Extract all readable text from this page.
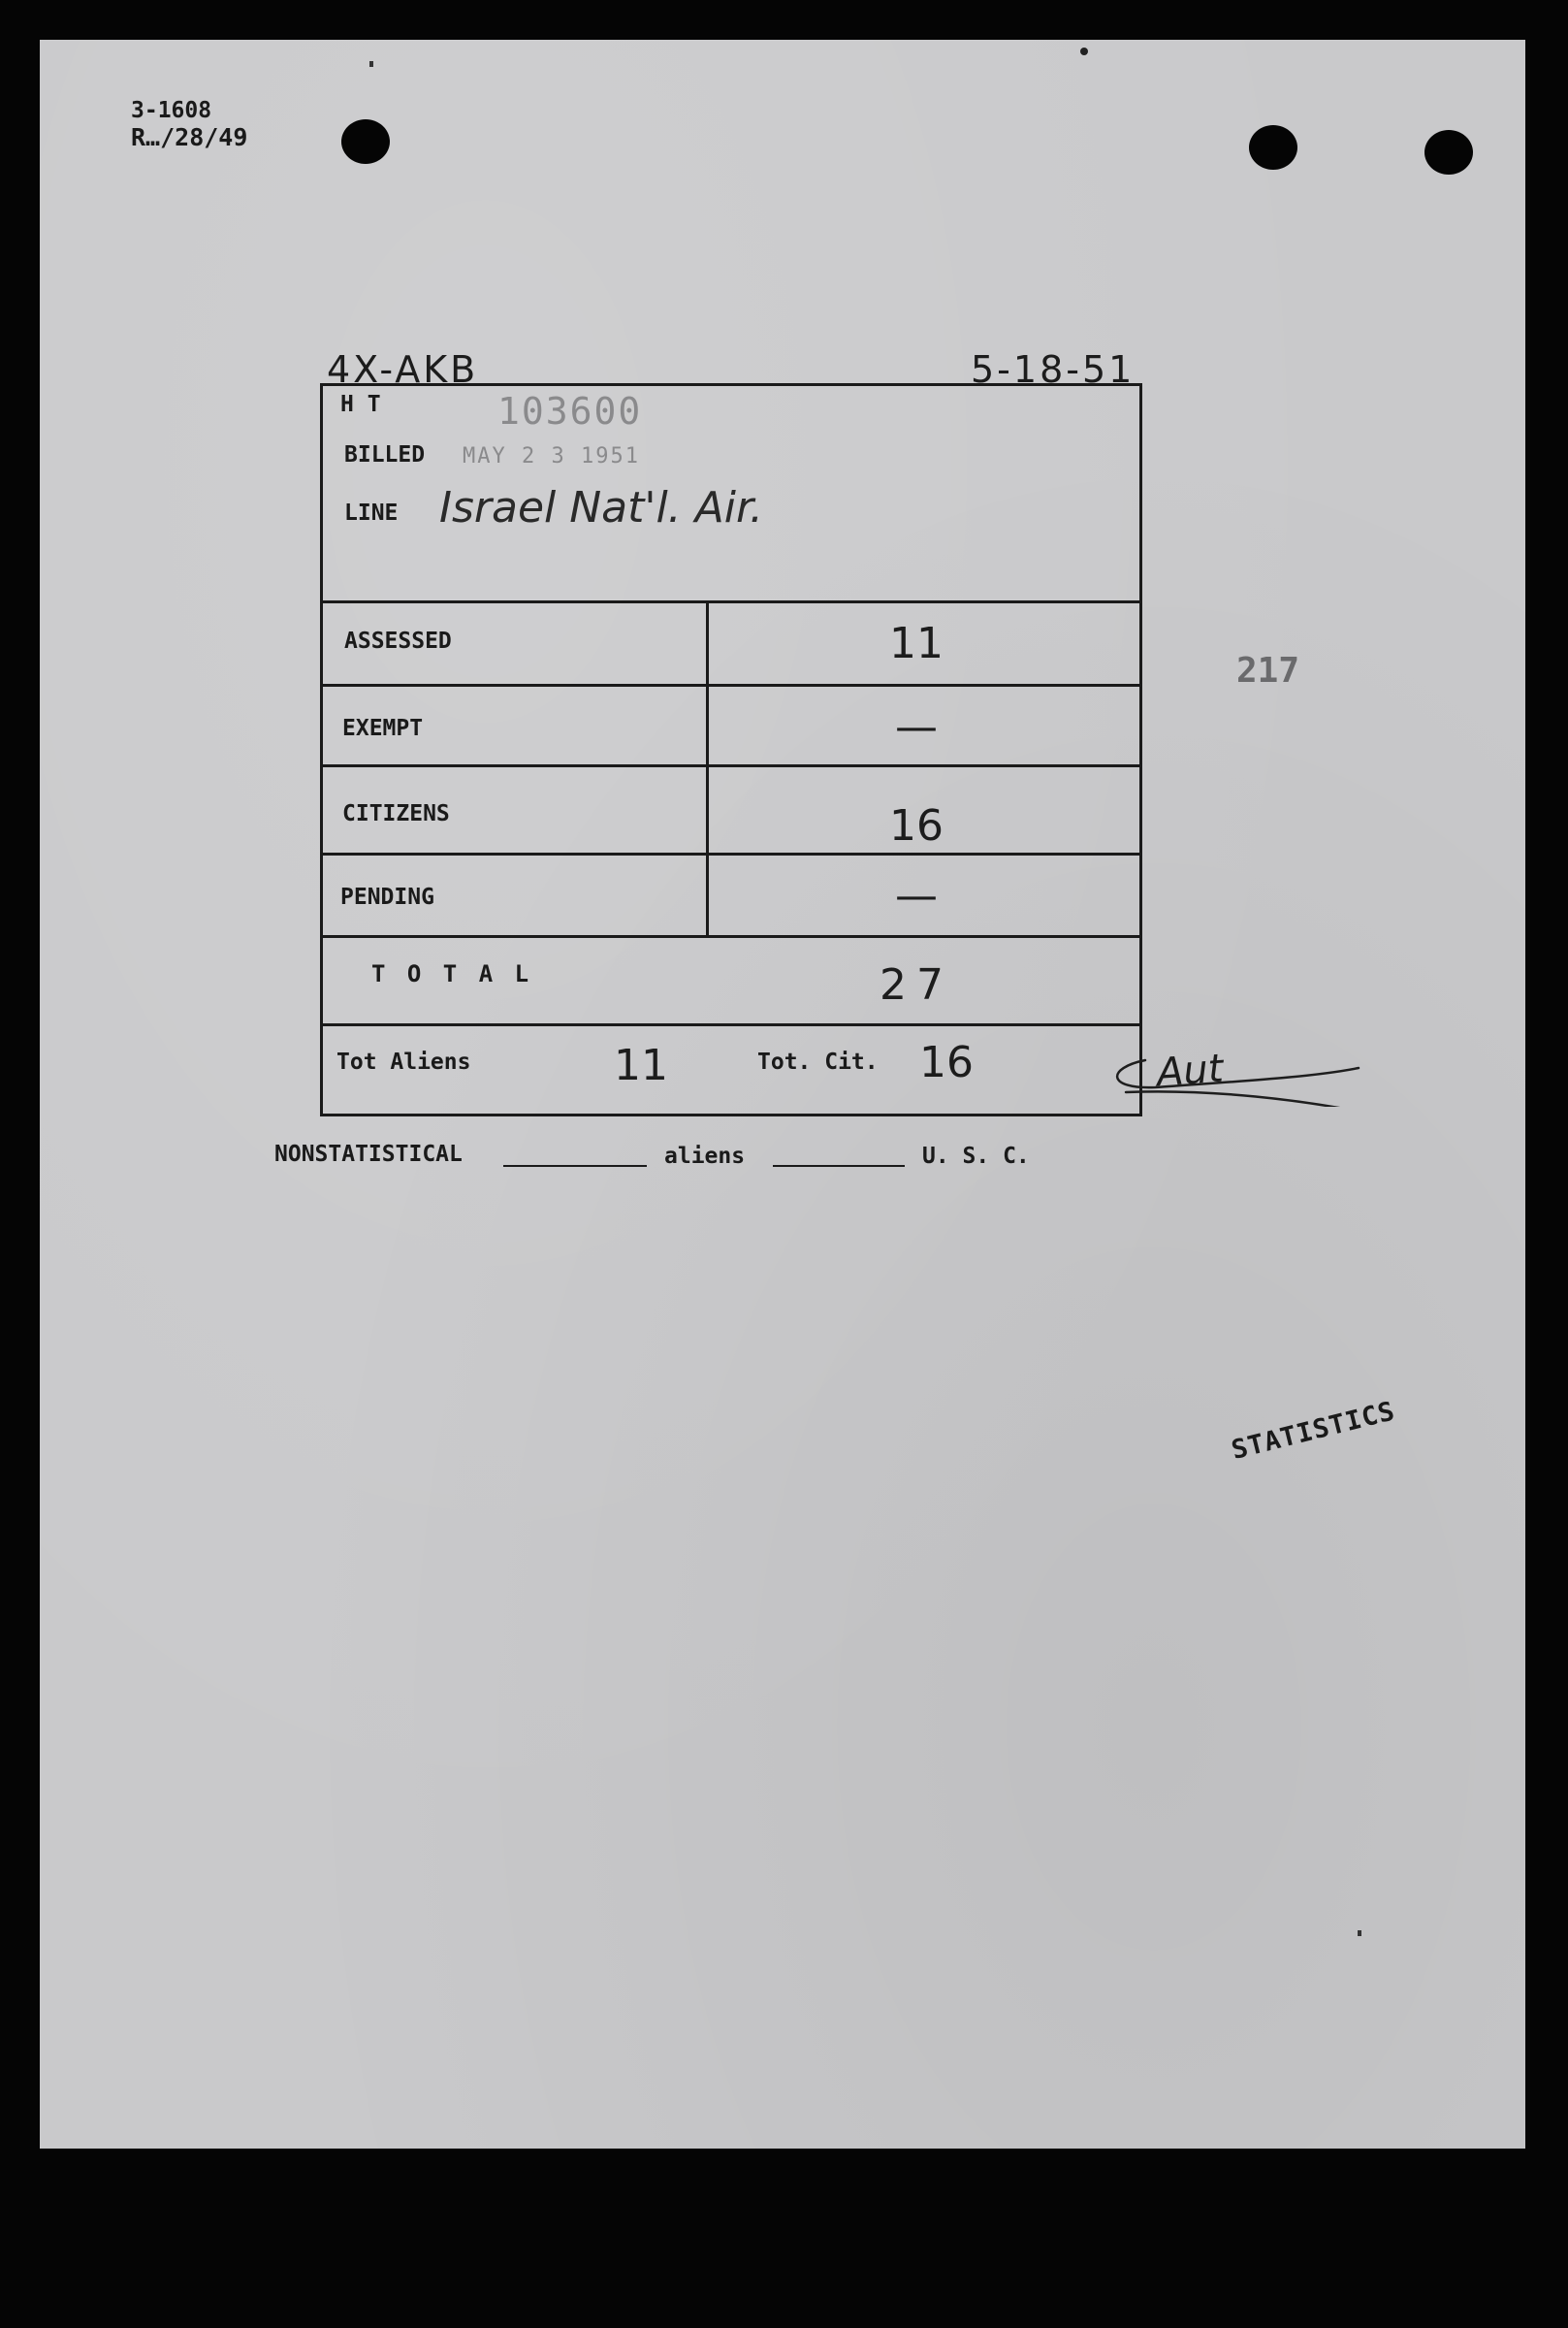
3-1608
R…/28/49
4X-AKB	5-18-51
217
H T	103600
BILLED MAY 2 3 1951
LINE Israel Nat'l. Air.
ASSESSED	11
EXEMPT	—
CITIZENS	16
PENDING	—
T O T A L	27
Tot Aliens	11	Tot. Cit. 16	Aut
NONSTATISTICAL	aliens	U. S. C.
STATISTICS
